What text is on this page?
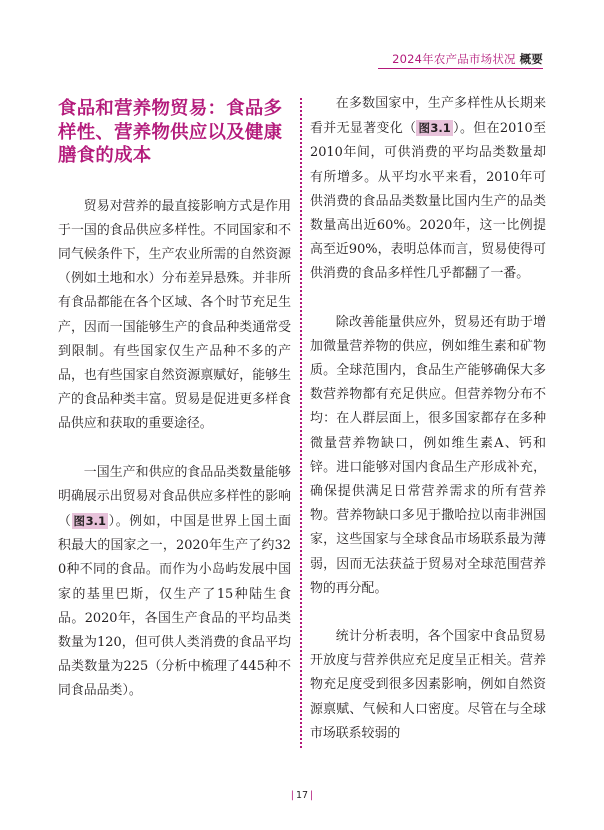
2024年农产品市场状况 概要
食品和营养物贸易：食品多样性、营养物供应以及健康膳食的成本

贸易对营养的最直接影响方式是作用于一国的食品供应多样性。不同国家和不同气候条件下，生产农业所需的自然资源（例如土地和水）分布差异悬殊。并非所有食品都能在各个区域、各个时节充足生产，因而一国能够生产的食品种类通常受到限制。有些国家仅生产品种不多的产品，也有些国家自然资源禀赋好，能够生产的食品种类丰富。贸易是促进更多样食品供应和获取的重要途径。

一国生产和供应的食品品类数量能够明确展示出贸易对食品供应多样性的影响（ 图3.1 ）。例如，中国是世界上国土面积最大的国家之一，2020年生产了约320种不同的食品。而作为小岛屿发展中国家的基里巴斯，仅生产了15种陆生食品。2020年，各国生产食品的平均品类数量为120，但可供人类消费的食品平均品类数量为225（分析中梳理了445种不同食品品类）。

在多数国家中，生产多样性从长期来看并无显著变化（ 图3.1 ）。但在2010至2010年间，可供消费的平均品类数量却有所增多。从平均水平来看，2010年可供消费的食品品类数量比国内生产的品类数量高出近60%。2020年，这一比例提高至近90%，表明总体而言，贸易使得可供消费的食品多样性几乎都翻了一番。

除改善能量供应外，贸易还有助于增加微量营养物的供应，例如维生素和矿物质。全球范围内，食品生产能够确保大多数营养物都有充足供应。但营养物分布不均：在人群层面上，很多国家都存在多种微量营养物缺口，例如维生素A、钙和锌。进口能够对国内食品生产形成补充，确保提供满足日常营养需求的所有营养物。营养物缺口多见于撒哈拉以南非洲国家，这些国家与全球食品市场联系最为薄弱，因而无法获益于贸易对全球范围营养物的再分配。

统计分析表明，各个国家中食品贸易开放度与营养供应充足度呈正相关。营养物充足度受到很多因素影响，例如自然资源禀赋、气候和人口密度。尽管在与全球市场联系较弱的

| 17 |
